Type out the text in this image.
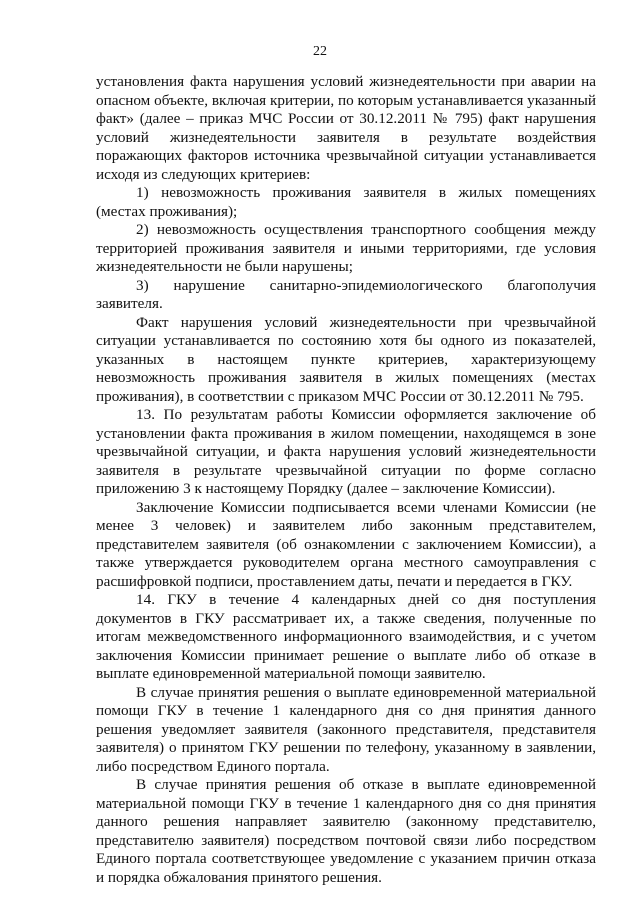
22

установления факта нарушения условий жизнедеятельности при аварии на опасном объекте, включая критерии, по которым устанавливается указанный факт» (далее – приказ МЧС России от 30.12.2011 № 795) факт нарушения условий жизнедеятельности заявителя в результате воздействия поражающих факторов источника чрезвычайной ситуации устанавливается исходя из следующих критериев:

1) невозможность проживания заявителя в жилых помещениях (местах проживания);

2) невозможность осуществления транспортного сообщения между территорией проживания заявителя и иными территориями, где условия жизнедеятельности не были нарушены;

3) нарушение санитарно-эпидемиологического благополучия заявителя.

Факт нарушения условий жизнедеятельности при чрезвычайной ситуации устанавливается по состоянию хотя бы одного из показателей, указанных в настоящем пункте критериев, характеризующему невозможность проживания заявителя в жилых помещениях (местах проживания), в соответствии с приказом МЧС России от 30.12.2011 № 795.

13. По результатам работы Комиссии оформляется заключение об установлении факта проживания в жилом помещении, находящемся в зоне чрезвычайной ситуации, и факта нарушения условий жизнедеятельности заявителя в результате чрезвычайной ситуации по форме согласно приложению 3 к настоящему Порядку (далее – заключение Комиссии).

Заключение Комиссии подписывается всеми членами Комиссии (не менее 3 человек) и заявителем либо законным представителем, представителем заявителя (об ознакомлении с заключением Комиссии), а также утверждается руководителем органа местного самоуправления с расшифровкой подписи, проставлением даты, печати и передается в ГКУ.

14. ГКУ в течение 4 календарных дней со дня поступления документов в ГКУ рассматривает их, а также сведения, полученные по итогам межведомственного информационного взаимодействия, и с учетом заключения Комиссии принимает решение о выплате либо об отказе в выплате единовременной материальной помощи заявителю.

В случае принятия решения о выплате единовременной материальной помощи ГКУ в течение 1 календарного дня со дня принятия данного решения уведомляет заявителя (законного представителя, представителя заявителя) о принятом ГКУ решении по телефону, указанному в заявлении, либо посредством Единого портала.

В случае принятия решения об отказе в выплате единовременной материальной помощи ГКУ в течение 1 календарного дня со дня принятия данного решения направляет заявителю (законному представителю, представителю заявителя) посредством почтовой связи либо посредством Единого портала соответствующее уведомление с указанием причин отказа и порядка обжалования принятого решения.
